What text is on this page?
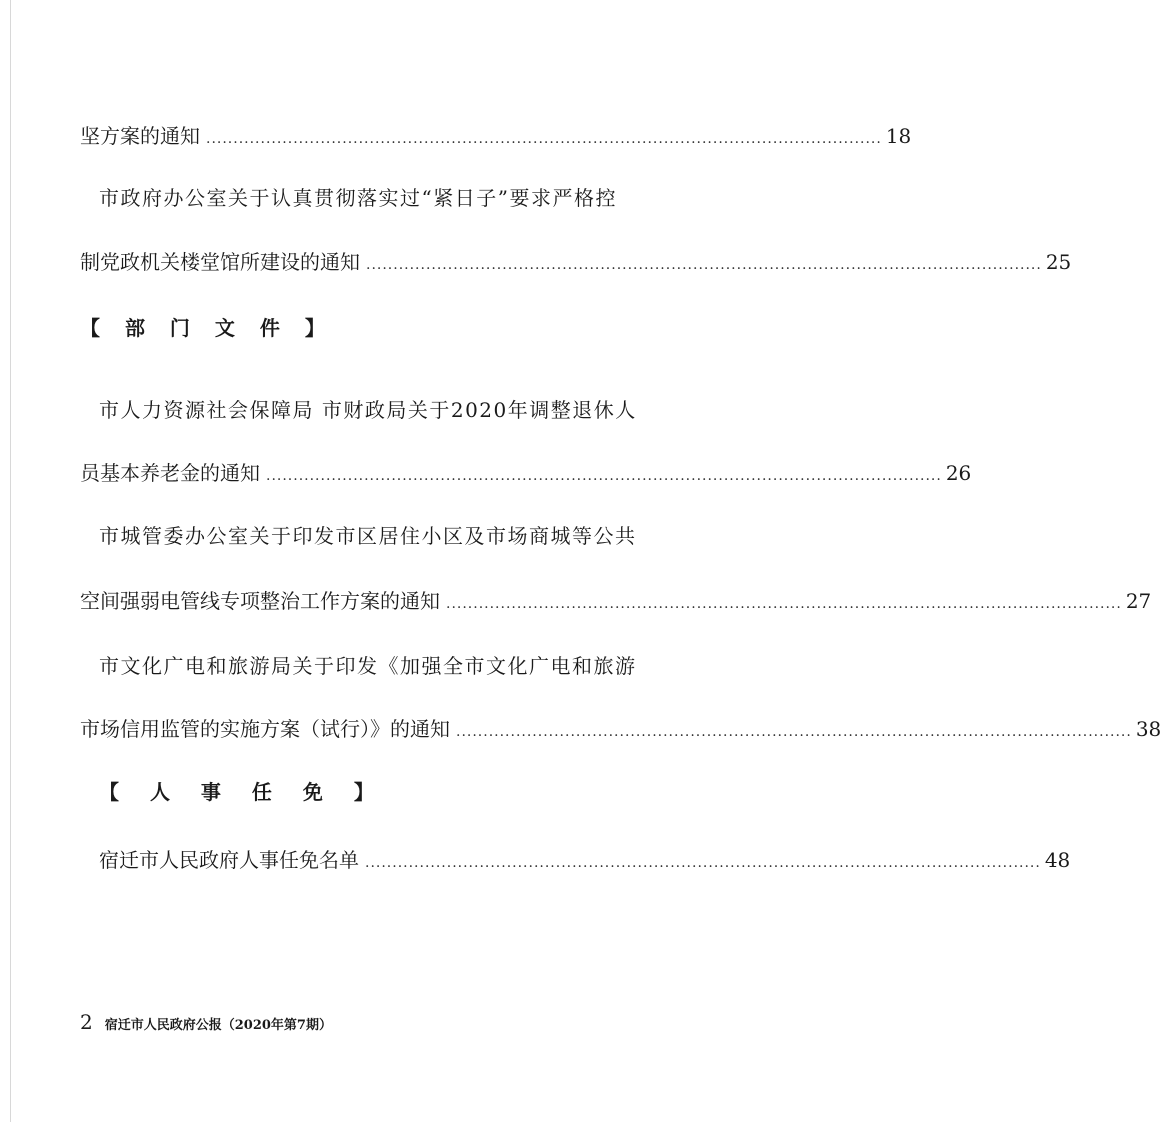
坚方案的通知 ............................................................................................................................ 18
市政府办公室关于认真贯彻落实过“紧日子”要求严格控
制党政机关楼堂馆所建设的通知 ............................................................................................................................ 25
【 部 门 文 件 】
市人力资源社会保障局 市财政局关于2020年调整退休人
员基本养老金的通知 ............................................................................................................................ 26
市城管委办公室关于印发市区居住小区及市场商城等公共
空间强弱电管线专项整治工作方案的通知 ............................................................................................................................ 27
市文化广电和旅游局关于印发《加强全市文化广电和旅游
市场信用监管的实施方案（试行）》的通知 ............................................................................................................................ 38
【 人 事 任 免 】
宿迁市人民政府人事任免名单 ............................................................................................................................ 48
2 宿迁市人民政府公报（2020年第7期）
